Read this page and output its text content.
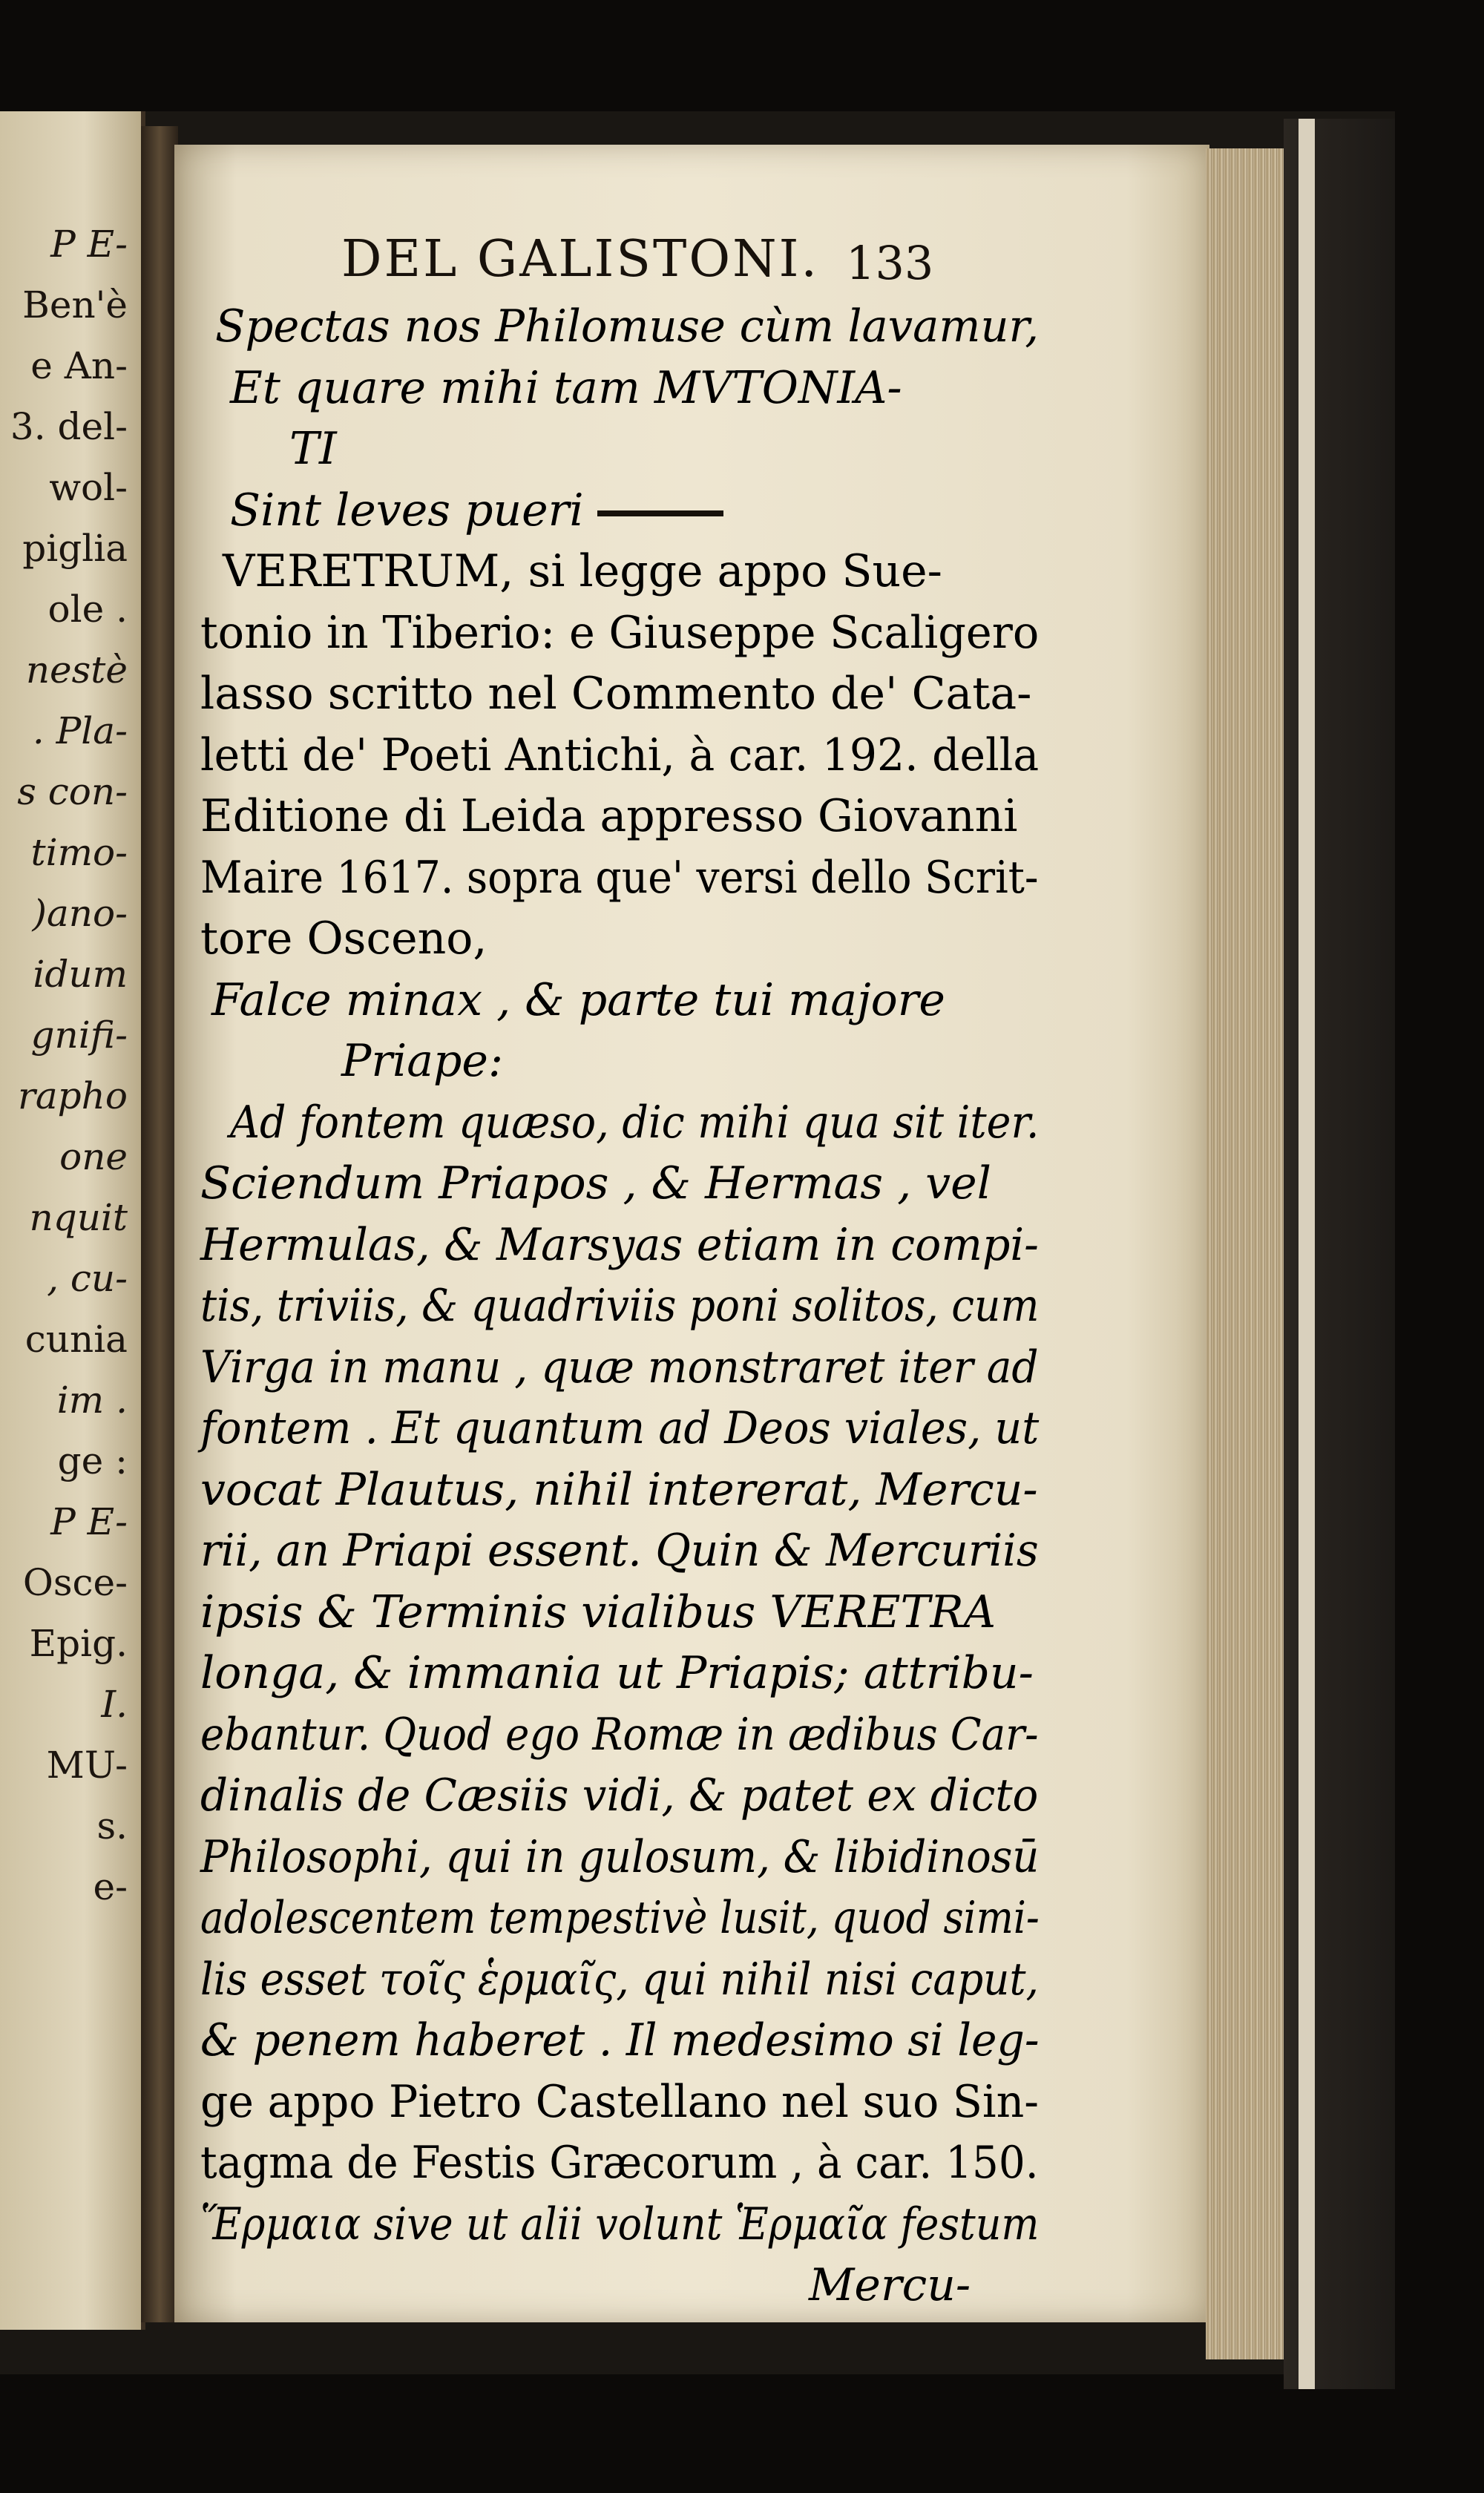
P E-
Ben'è
e An-
3. del-
wol-
piglia
ole .
nestè
. Pla-
s con-
timo-
)ano-
idum
gnifi-
rapho
one
nquit
, cu-
cunia
im .
ge :
P E-
Osce-
Epig.
I.
MU-
s.
e-
DEL GALISTONI. 133
Spectas nos Philomuse cùm lavamur,
Et quare mihi tam MVTONIA-
TI
Sint leves pueri
VERETRUM, si legge appo Sue-
tonio in Tiberio: e Giuseppe Scaligero
lasso scritto nel Commento de' Cata-
letti de' Poeti Antichi, à car. 192. della
Editione di Leida appresso Giovanni
Maire 1617. sopra que' versi dello Scrit-
tore Osceno,
Falce minax , & parte tui majore
Priape:
Ad fontem quæso, dic mihi qua sit iter.
Sciendum Priapos , & Hermas , vel
Hermulas, & Marsyas etiam in compi-
tis, triviis, & quadriviis poni solitos, cum
Virga in manu , quæ monstraret iter ad
fontem . Et quantum ad Deos viales, ut
vocat Plautus, nihil intererat, Mercu-
rii, an Priapi essent. Quin & Mercuriis
ipsis & Terminis vialibus VERETRA
longa, & immania ut Priapis; attribu-
ebantur. Quod ego Romæ in ædibus Car-
dinalis de Cæsiis vidi, & patet ex dicto
Philosophi, qui in gulosum, & libidinosū
adolescentem tempestivè lusit, quod simi-
lis esset τοῖς ἑρμαῖς, qui nihil nisi caput,
& penem haberet . Il medesimo si leg-
ge appo Pietro Castellano nel suo Sin-
tagma de Festis Græcorum , à car. 150.
Ἕρμαια sive ut alii volunt Ἑρμαῖα festum
Mercu-
